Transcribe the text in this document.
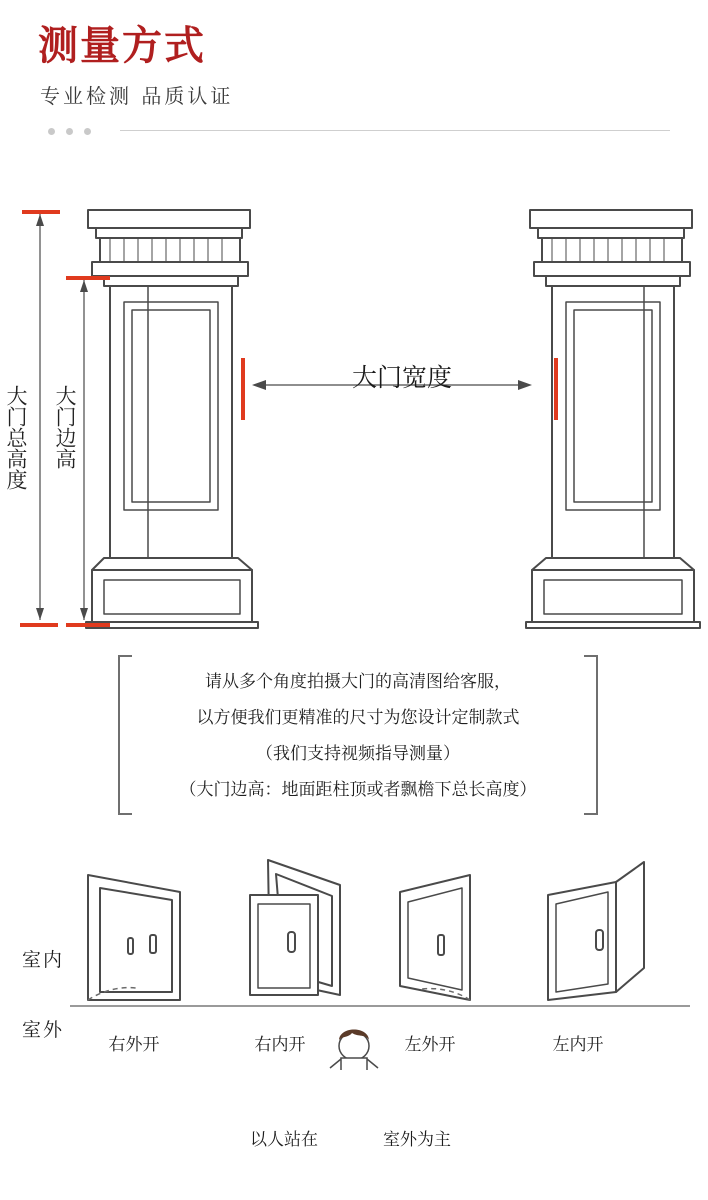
测量方式
专业检测 品质认证
大门总高度 大门边高
大门宽度
请从多个角度拍摄大门的高清图给客服，
以方便我们更精准的尺寸为您设计定制款式
（我们支持视频指导测量）
（大门边高：地面距柱顶或者飘檐下总长高度）
室内
室外
右外开	右内开	左外开	左内开
以人站在	室外为主
